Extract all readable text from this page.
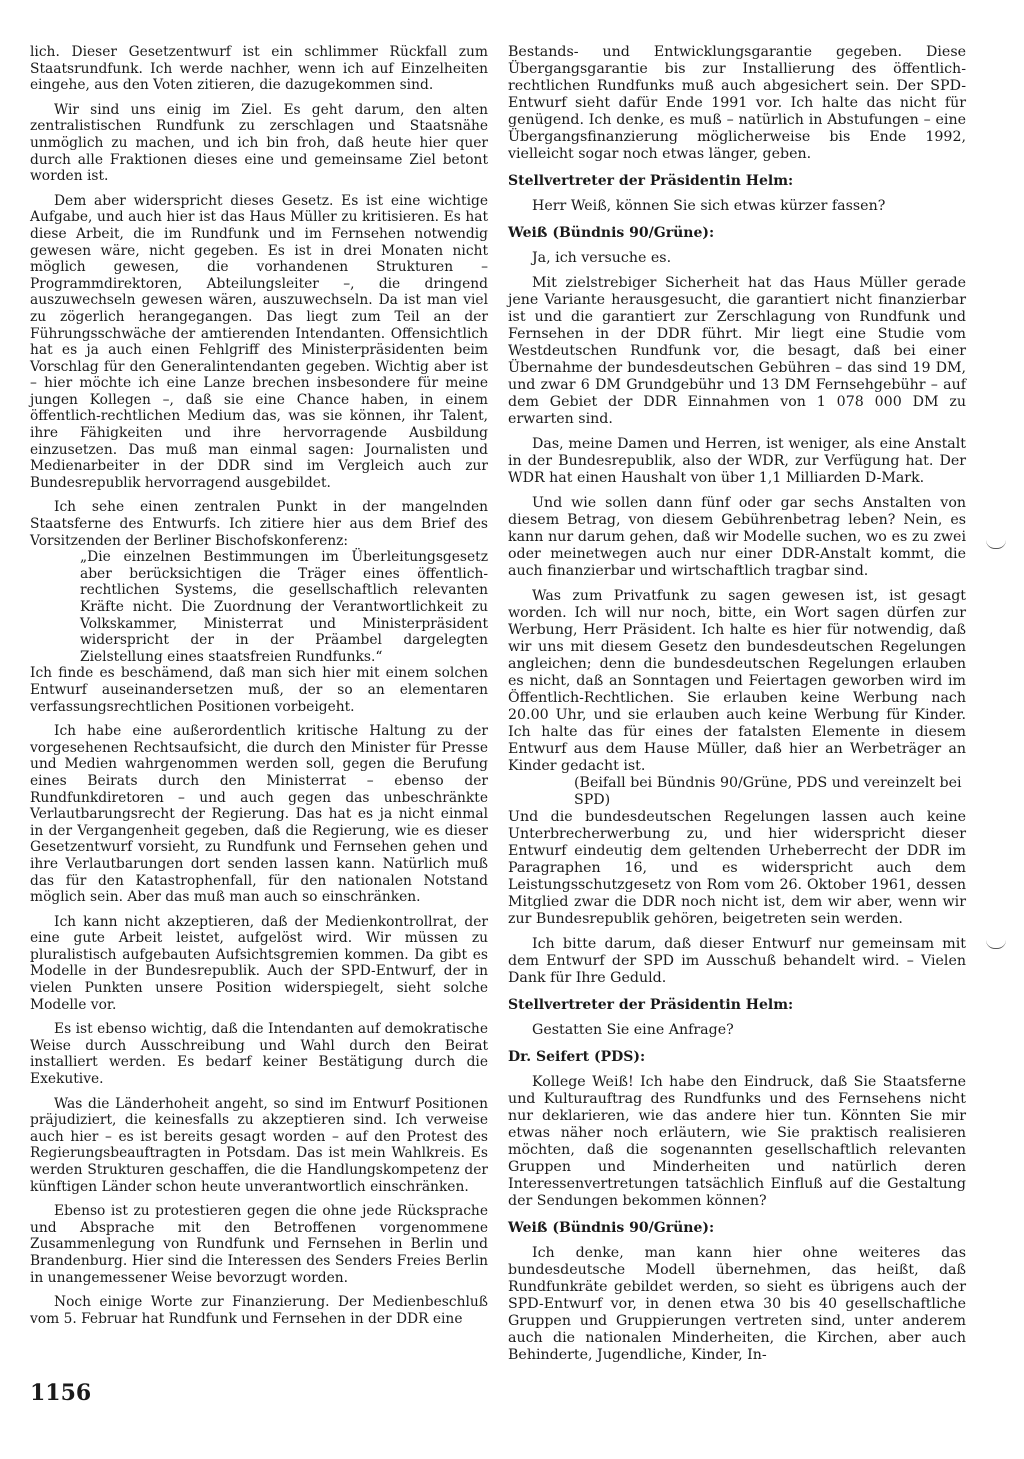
lich. Dieser Gesetzentwurf ist ein schlimmer Rückfall zum Staatsrundfunk. Ich werde nachher, wenn ich auf Einzelheiten eingehe, aus den Voten zitieren, die dazugekommen sind.

Wir sind uns einig im Ziel. Es geht darum, den alten zentralistischen Rundfunk zu zerschlagen und Staatsnähe unmöglich zu machen, und ich bin froh, daß heute hier quer durch alle Fraktionen dieses eine und gemeinsame Ziel betont worden ist.

Dem aber widerspricht dieses Gesetz. Es ist eine wichtige Aufgabe, und auch hier ist das Haus Müller zu kritisieren. Es hat diese Arbeit, die im Rundfunk und im Fernsehen notwendig gewesen wäre, nicht gegeben. Es ist in drei Monaten nicht möglich gewesen, die vorhandenen Strukturen – Programmdirektoren, Abteilungsleiter –, die dringend auszuwechseln gewesen wären, auszuwechseln. Da ist man viel zu zögerlich herangegangen. Das liegt zum Teil an der Führungsschwäche der amtierenden Intendanten. Offensichtlich hat es ja auch einen Fehlgriff des Ministerpräsidenten beim Vorschlag für den Generalintendanten gegeben. Wichtig aber ist – hier möchte ich eine Lanze brechen insbesondere für meine jungen Kollegen –, daß sie eine Chance haben, in einem öffentlich-rechtlichen Medium das, was sie können, ihr Talent, ihre Fähigkeiten und ihre hervorragende Ausbildung einzusetzen. Das muß man einmal sagen: Journalisten und Medienarbeiter in der DDR sind im Vergleich auch zur Bundesrepublik hervorragend ausgebildet.

Ich sehe einen zentralen Punkt in der mangelnden Staatsferne des Entwurfs. Ich zitiere hier aus dem Brief des Vorsitzenden der Berliner Bischofskonferenz:

„Die einzelnen Bestimmungen im Überleitungsgesetz aber berücksichtigen die Träger eines öffentlich-rechtlichen Systems, die gesellschaftlich relevanten Kräfte nicht. Die Zuordnung der Verantwortlichkeit zu Volkskammer, Ministerrat und Ministerpräsident widerspricht der in der Präambel dargelegten Zielstellung eines staatsfreien Rundfunks.“

Ich finde es beschämend, daß man sich hier mit einem solchen Entwurf auseinandersetzen muß, der so an elementaren verfassungsrechtlichen Positionen vorbeigeht.

Ich habe eine außerordentlich kritische Haltung zu der vorgesehenen Rechtsaufsicht, die durch den Minister für Presse und Medien wahrgenommen werden soll, gegen die Berufung eines Beirats durch den Ministerrat – ebenso der Rundfunkdiretoren – und auch gegen das unbeschränkte Verlautbarungsrecht der Regierung. Das hat es ja nicht einmal in der Vergangenheit gegeben, daß die Regierung, wie es dieser Gesetzentwurf vorsieht, zu Rundfunk und Fernsehen gehen und ihre Verlautbarungen dort senden lassen kann. Natürlich muß das für den Katastrophenfall, für den nationalen Notstand möglich sein. Aber das muß man auch so einschränken.

Ich kann nicht akzeptieren, daß der Medienkontrollrat, der eine gute Arbeit leistet, aufgelöst wird. Wir müssen zu pluralistisch aufgebauten Aufsichtsgremien kommen. Da gibt es Modelle in der Bundesrepublik. Auch der SPD-Entwurf, der in vielen Punkten unsere Position widerspiegelt, sieht solche Modelle vor.

Es ist ebenso wichtig, daß die Intendanten auf demokratische Weise durch Ausschreibung und Wahl durch den Beirat installiert werden. Es bedarf keiner Bestätigung durch die Exekutive.

Was die Länderhoheit angeht, so sind im Entwurf Positionen präjudiziert, die keinesfalls zu akzeptieren sind. Ich verweise auch hier – es ist bereits gesagt worden – auf den Protest des Regierungsbeauftragten in Potsdam. Das ist mein Wahlkreis. Es werden Strukturen geschaffen, die die Handlungskompetenz der künftigen Länder schon heute unverantwortlich einschränken.

Ebenso ist zu protestieren gegen die ohne jede Rücksprache und Absprache mit den Betroffenen vorgenommene Zusammenlegung von Rundfunk und Fernsehen in Berlin und Brandenburg. Hier sind die Interessen des Senders Freies Berlin in unangemessener Weise bevorzugt worden.

Noch einige Worte zur Finanzierung. Der Medienbeschluß vom 5. Februar hat Rundfunk und Fernsehen in der DDR eine

Bestands- und Entwicklungsgarantie gegeben. Diese Übergangsgarantie bis zur Installierung des öffentlich-rechtlichen Rundfunks muß auch abgesichert sein. Der SPD-Entwurf sieht dafür Ende 1991 vor. Ich halte das nicht für genügend. Ich denke, es muß – natürlich in Abstufungen – eine Übergangsfinanzierung möglicherweise bis Ende 1992, vielleicht sogar noch etwas länger, geben.

Stellvertreter der Präsidentin Helm:

Herr Weiß, können Sie sich etwas kürzer fassen?

Weiß (Bündnis 90/Grüne):

Ja, ich versuche es.

Mit zielstrebiger Sicherheit hat das Haus Müller gerade jene Variante herausgesucht, die garantiert nicht finanzierbar ist und die garantiert zur Zerschlagung von Rundfunk und Fernsehen in der DDR führt. Mir liegt eine Studie vom Westdeutschen Rundfunk vor, die besagt, daß bei einer Übernahme der bundesdeutschen Gebühren – das sind 19 DM, und zwar 6 DM Grundgebühr und 13 DM Fernsehgebühr – auf dem Gebiet der DDR Einnahmen von 1 078 000 DM zu erwarten sind.

Das, meine Damen und Herren, ist weniger, als eine Anstalt in der Bundesrepublik, also der WDR, zur Verfügung hat. Der WDR hat einen Haushalt von über 1,1 Milliarden D-Mark.

Und wie sollen dann fünf oder gar sechs Anstalten von diesem Betrag, von diesem Gebührenbetrag leben? Nein, es kann nur darum gehen, daß wir Modelle suchen, wo es zu zwei oder meinetwegen auch nur einer DDR-Anstalt kommt, die auch finanzierbar und wirtschaftlich tragbar sind.

Was zum Privatfunk zu sagen gewesen ist, ist gesagt worden. Ich will nur noch, bitte, ein Wort sagen dürfen zur Werbung, Herr Präsident. Ich halte es hier für notwendig, daß wir uns mit diesem Gesetz den bundesdeutschen Regelungen angleichen; denn die bundesdeutschen Regelungen erlauben es nicht, daß an Sonntagen und Feiertagen geworben wird im Öffentlich-Rechtlichen. Sie erlauben keine Werbung nach 20.00 Uhr, und sie erlauben auch keine Werbung für Kinder. Ich halte das für eines der fatalsten Elemente in diesem Entwurf aus dem Hause Müller, daß hier an Werbeträger an Kinder gedacht ist.

(Beifall bei Bündnis 90/Grüne, PDS und vereinzelt bei SPD)

Und die bundesdeutschen Regelungen lassen auch keine Unterbrecherwerbung zu, und hier widerspricht dieser Entwurf eindeutig dem geltenden Urheberrecht der DDR im Paragraphen 16, und es widerspricht auch dem Leistungsschutzgesetz von Rom vom 26. Oktober 1961, dessen Mitglied zwar die DDR noch nicht ist, dem wir aber, wenn wir zur Bundesrepublik gehören, beigetreten sein werden.

Ich bitte darum, daß dieser Entwurf nur gemeinsam mit dem Entwurf der SPD im Ausschuß behandelt wird. – Vielen Dank für Ihre Geduld.

Stellvertreter der Präsidentin Helm:

Gestatten Sie eine Anfrage?

Dr. Seifert (PDS):

Kollege Weiß! Ich habe den Eindruck, daß Sie Staatsferne und Kulturauftrag des Rundfunks und des Fernsehens nicht nur deklarieren, wie das andere hier tun. Könnten Sie mir etwas näher noch erläutern, wie Sie praktisch realisieren möchten, daß die sogenannten gesellschaftlich relevanten Gruppen und Minderheiten und natürlich deren Interessenvertretungen tatsächlich Einfluß auf die Gestaltung der Sendungen bekommen können?

Weiß (Bündnis 90/Grüne):

Ich denke, man kann hier ohne weiteres das bundesdeutsche Modell übernehmen, das heißt, daß Rundfunkräte gebildet werden, so sieht es übrigens auch der SPD-Entwurf vor, in denen etwa 30 bis 40 gesellschaftliche Gruppen und Gruppierungen vertreten sind, unter anderem auch die nationalen Minderheiten, die Kirchen, aber auch Behinderte, Jugendliche, Kinder, In-

1156
